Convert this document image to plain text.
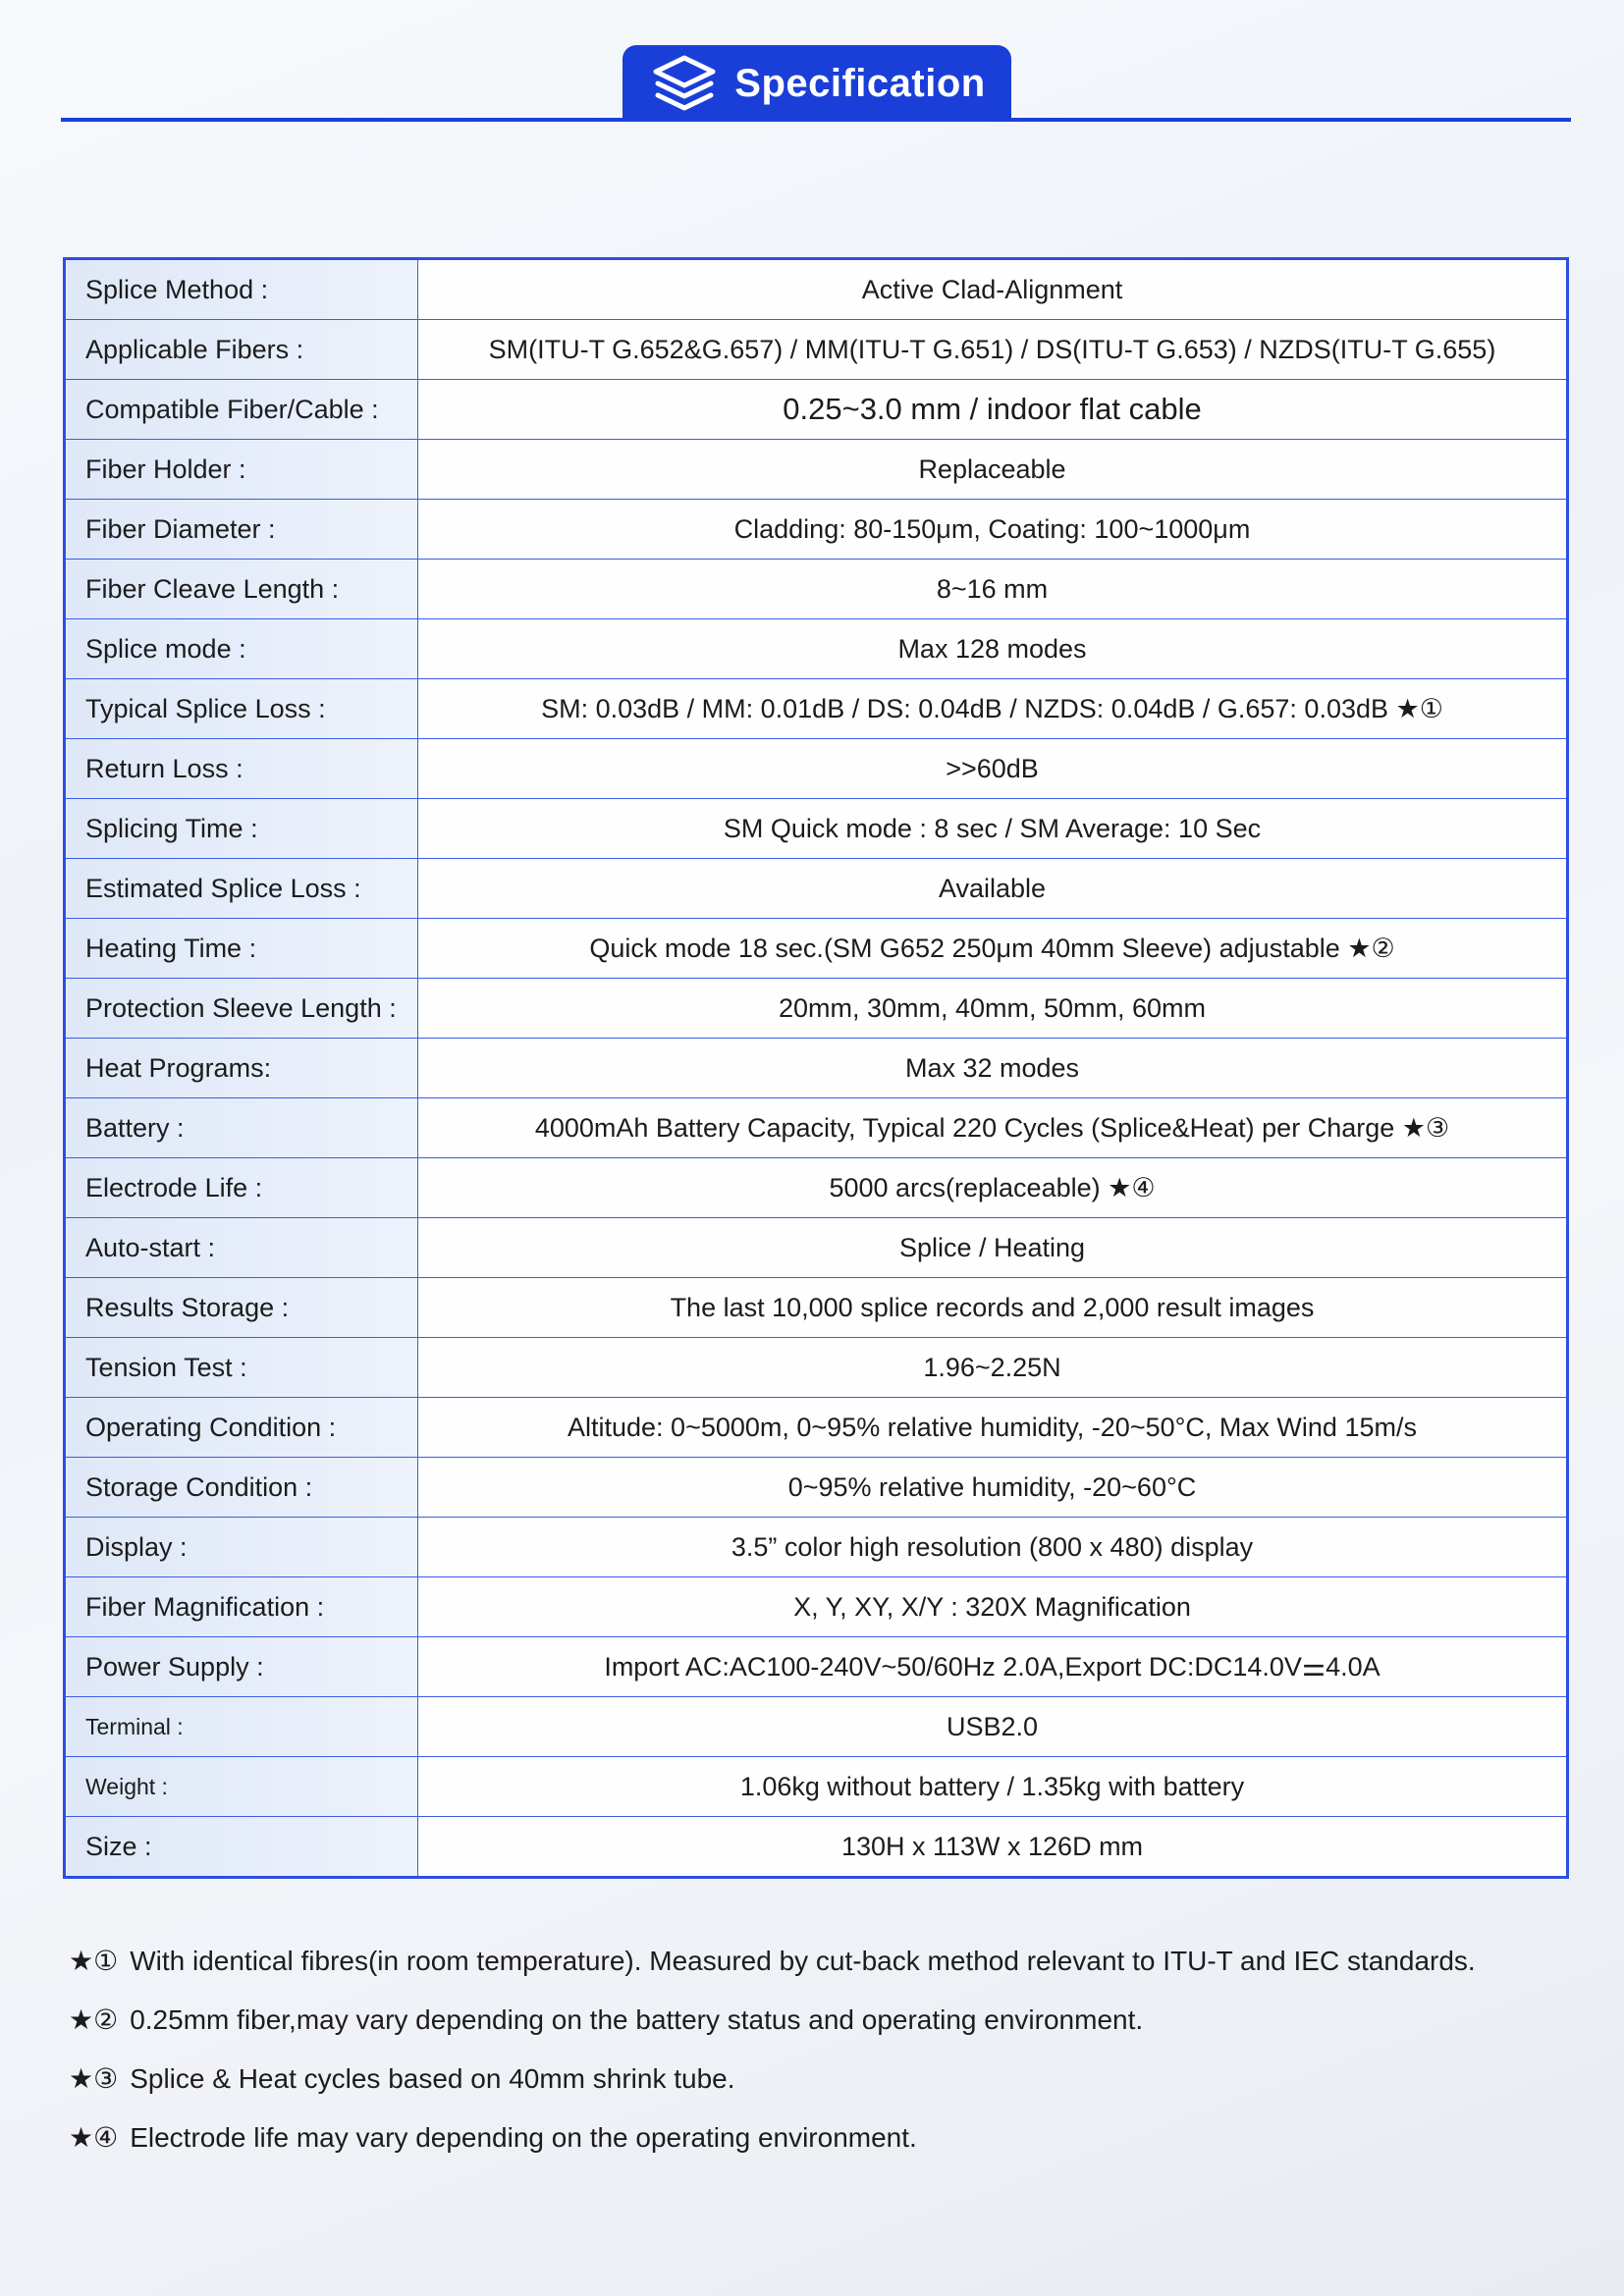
Specification
Splice Method :	Active Clad-Alignment
Applicable Fibers :	SM(ITU-T G.652&G.657) / MM(ITU-T G.651) / DS(ITU-T G.653) / NZDS(ITU-T G.655)
Compatible Fiber/Cable :	0.25~3.0 mm / indoor flat cable
Fiber Holder :	Replaceable
Fiber Diameter :	Cladding: 80-150μm, Coating: 100~1000μm
Fiber Cleave Length :	8~16 mm
Splice mode :	Max 128 modes
Typical Splice Loss :	SM: 0.03dB / MM: 0.01dB / DS: 0.04dB / NZDS: 0.04dB / G.657: 0.03dB ★①
Return Loss :	>>60dB
Splicing Time :	SM Quick mode : 8 sec / SM Average: 10 Sec
Estimated Splice Loss :	Available
Heating Time :	Quick mode 18 sec.(SM G652 250μm 40mm Sleeve) adjustable ★②
Protection Sleeve Length :	20mm, 30mm, 40mm, 50mm, 60mm
Heat Programs:	Max 32 modes
Battery :	4000mAh Battery Capacity, Typical 220 Cycles (Splice&Heat) per Charge ★③
Electrode Life :	5000 arcs(replaceable) ★④
Auto-start :	Splice / Heating
Results Storage :	The last 10,000 splice records and 2,000 result images
Tension Test :	1.96~2.25N
Operating Condition :	Altitude: 0~5000m, 0~95% relative humidity, -20~50°C, Max Wind 15m/s
Storage Condition :	0~95% relative humidity, -20~60°C
Display :	3.5” color high resolution (800 x 480) display
Fiber Magnification :	X, Y, XY, X/Y : 320X Magnification
Power Supply :	Import AC:AC100-240V~50/60Hz 2.0A,Export DC:DC14.0V⚌4.0A
Terminal :	USB2.0
Weight :	1.06kg without battery / 1.35kg with battery
Size :	130H x 113W x 126D mm
★① With identical fibres(in room temperature). Measured by cut-back method relevant to ITU-T and IEC standards.
★② 0.25mm fiber,may vary depending on the battery status and operating environment.
★③ Splice & Heat cycles based on 40mm shrink tube.
★④ Electrode life may vary depending on the operating environment.
